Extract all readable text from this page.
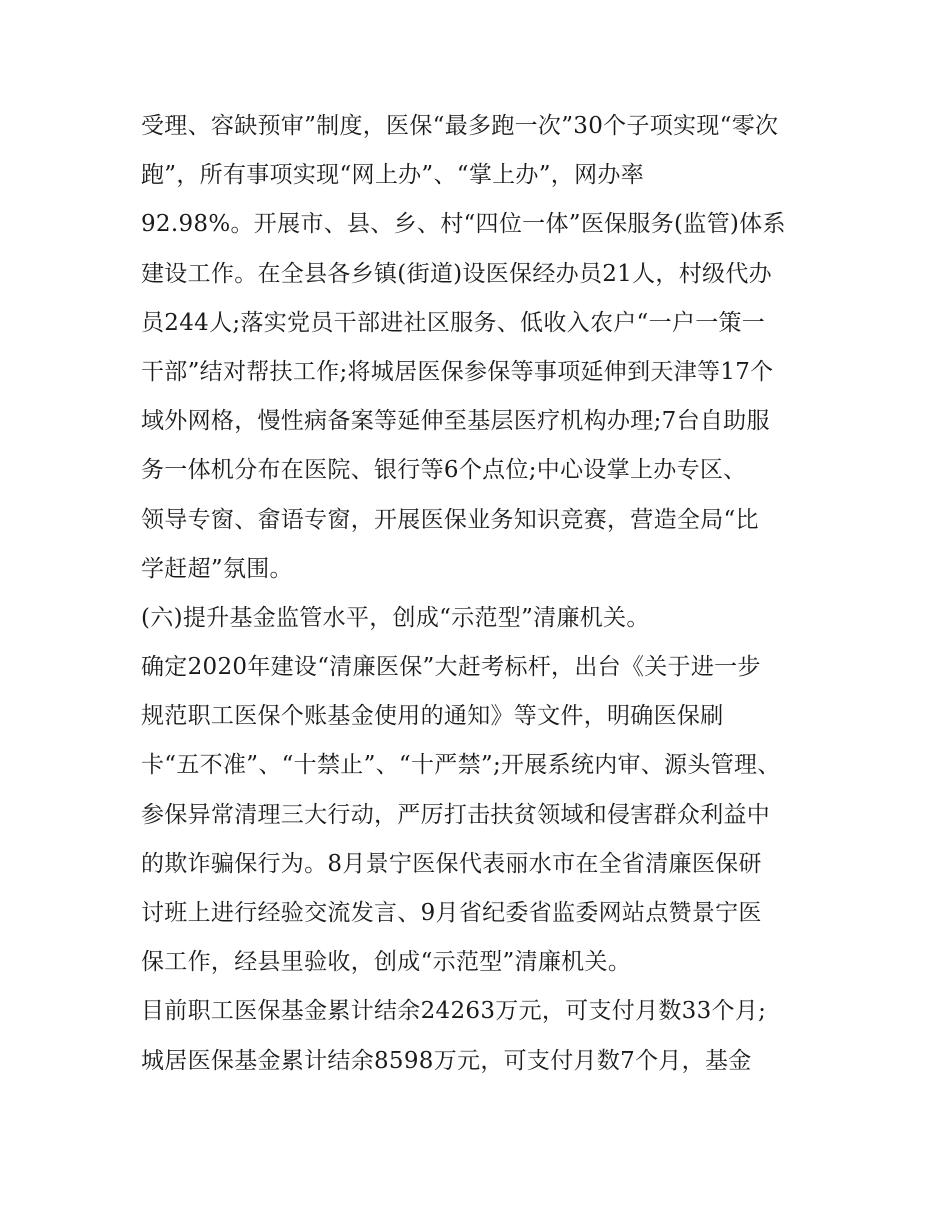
受理、容缺预审”制度，医保“最多跑一次”30个子项实现“零次
跑”，所有事项实现“网上办”、“掌上办”，网办率
92.98%。开展市、县、乡、村“四位一体”医保服务(监管)体系
建设工作。在全县各乡镇(街道)设医保经办员21人，村级代办
员244人;落实党员干部进社区服务、低收入农户“一户一策一
干部”结对帮扶工作;将城居医保参保等事项延伸到天津等17个
域外网格，慢性病备案等延伸至基层医疗机构办理;7台自助服
务一体机分布在医院、银行等6个点位;中心设掌上办专区、
领导专窗、畲语专窗，开展医保业务知识竞赛，营造全局“比
学赶超”氛围。
(六)提升基金监管水平，创成“示范型”清廉机关。
确定2020年建设“清廉医保”大赶考标杆，出台《关于进一步
规范职工医保个账基金使用的通知》等文件，明确医保刷
卡“五不准”、“十禁止”、“十严禁”;开展系统内审、源头管理、
参保异常清理三大行动，严厉打击扶贫领域和侵害群众利益中
的欺诈骗保行为。8月景宁医保代表丽水市在全省清廉医保研
讨班上进行经验交流发言、9月省纪委省监委网站点赞景宁医
保工作，经县里验收，创成“示范型”清廉机关。
目前职工医保基金累计结余24263万元，可支付月数33个月;
城居医保基金累计结余8598万元，可支付月数7个月，基金
